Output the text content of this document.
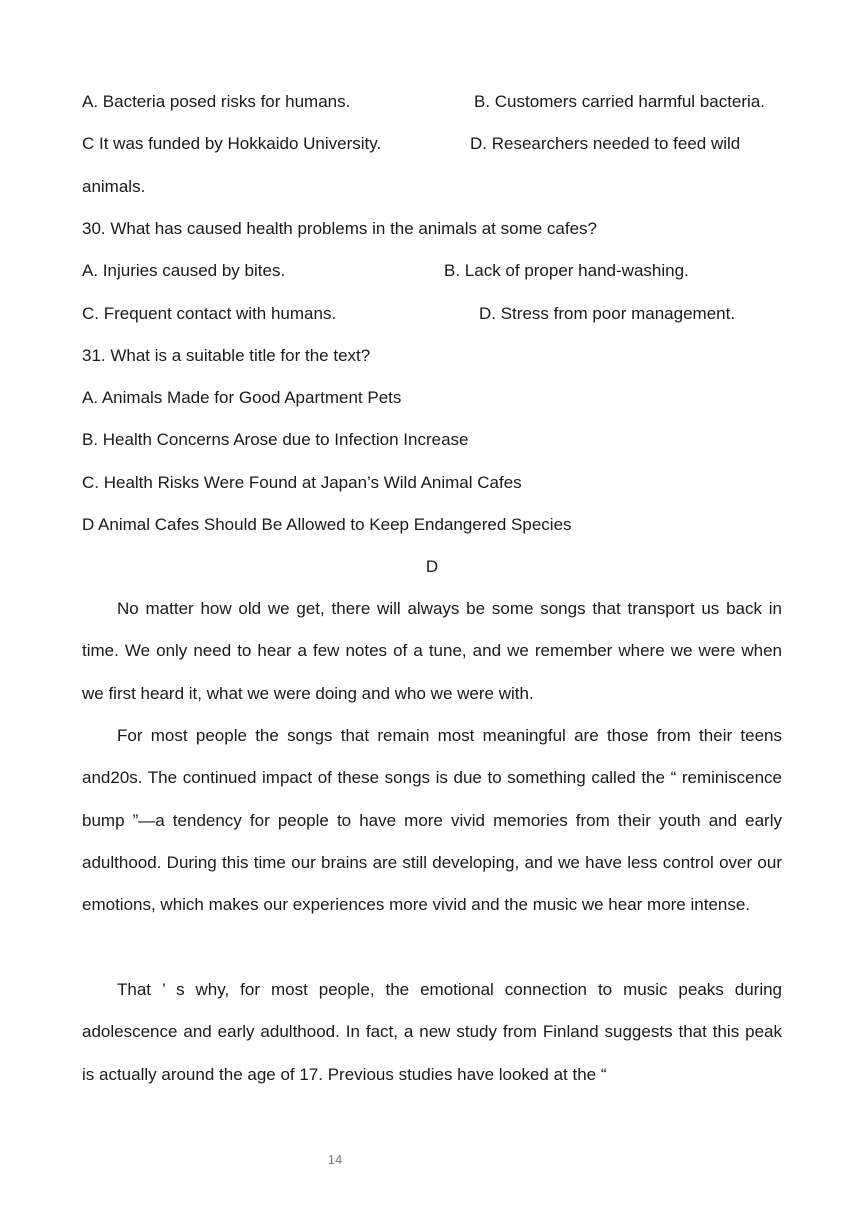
A. Bacteria posed risks for humans.	B. Customers carried harmful bacteria.
C It was funded by Hokkaido University.	D. Researchers needed to feed wild
animals.
30. What has caused health problems in the animals at some cafes?
A. Injuries caused by bites.	B. Lack of proper hand-washing.
C. Frequent contact with humans.	D. Stress from poor management.
31. What is a suitable title for the text?
A. Animals Made for Good Apartment Pets
B. Health Concerns Arose due to Infection Increase
C. Health Risks Were Found at Japan’s Wild Animal Cafes
D Animal Cafes Should Be Allowed to Keep Endangered Species
D

No matter how old we get, there will always be some songs that transport us back in time. We only need to hear a few notes of a tune, and we remember where we were when we first heard it, what we were doing and who we were with.

For most people the songs that remain most meaningful are those from their teens and20s. The continued impact of these songs is due to something called the “ reminiscence bump ”—a tendency for people to have more vivid memories from their youth and early adulthood. During this time our brains are still developing, and we have less control over our emotions, which makes our experiences more vivid and the music we hear more intense.

That ’ s why, for most people, the emotional connection to music peaks during adolescence and early adulthood. In fact, a new study from Finland suggests that this peak is actually around the age of 17. Previous studies have looked at the “

14
